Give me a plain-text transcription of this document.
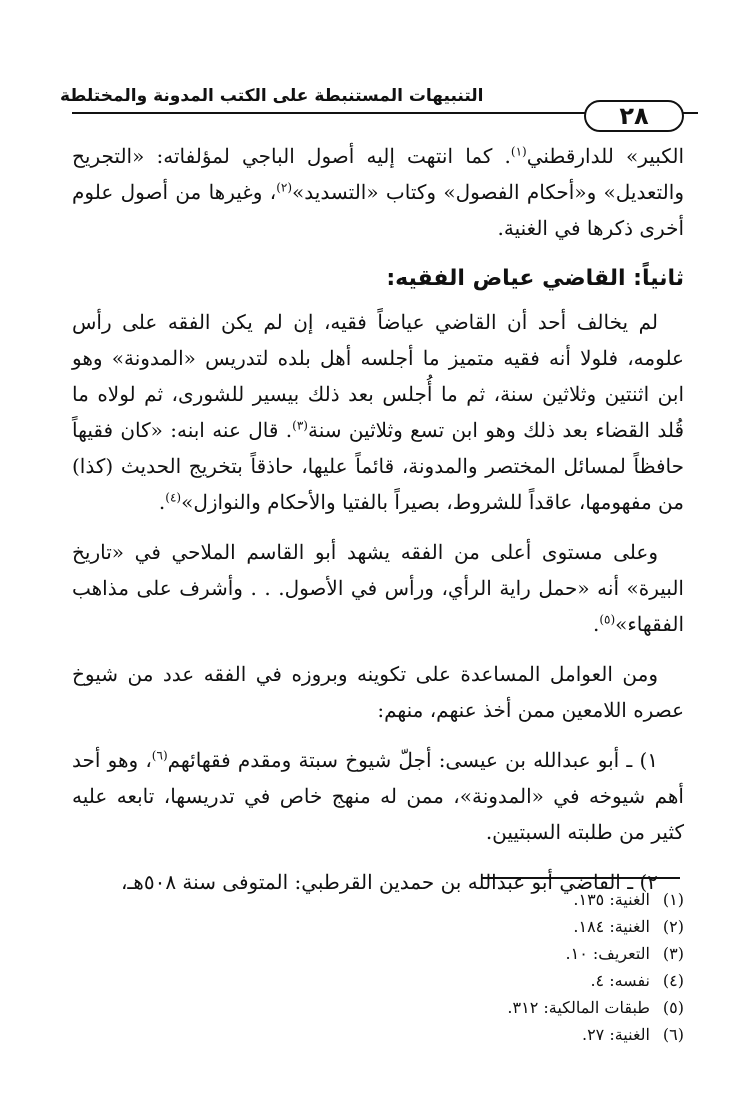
التنبيهات المستنبطة على الكتب المدونة والمختلطة
٢٨

الكبير» للدارقطني$^{(١)}$. كما انتهت إليه أصول الباجي لمؤلفاته: «التجريح والتعديل» و«أحكام الفصول» وكتاب «التسديد»$^{(٢)}$، وغيرها من أصول علوم أخرى ذكرها في الغنية.

ثانياً: القاضي عياض الفقيه:

لم يخالف أحد أن القاضي عياضاً فقيه، إن لم يكن الفقه على رأس علومه، فلولا أنه فقيه متميز ما أجلسه أهل بلده لتدريس «المدونة» وهو ابن اثنتين وثلاثين سنة، ثم ما أُجلس بعد ذلك بيسير للشورى، ثم لولاه ما قُلد القضاء بعد ذلك وهو ابن تسع وثلاثين سنة$^{(٣)}$. قال عنه ابنه: «كان فقيهاً حافظاً لمسائل المختصر والمدونة، قائماً عليها، حاذقاً بتخريج الحديث (كذا) من مفهومها، عاقداً للشروط، بصيراً بالفتيا والأحكام والنوازل»$^{(٤)}$.

وعلى مستوى أعلى من الفقه يشهد أبو القاسم الملاحي في «تاريخ البيرة» أنه «حمل راية الرأي، ورأس في الأصول. . . وأشرف على مذاهب الفقهاء»$^{(٥)}$.

ومن العوامل المساعدة على تكوينه وبروزه في الفقه عدد من شيوخ عصره اللامعين ممن أخذ عنهم، منهم:

١) ـ أبو عبدالله بن عيسى: أجلّ شيوخ سبتة ومقدم فقهائهم$^{(٦)}$، وهو أحد أهم شيوخه في «المدونة»، ممن له منهج خاص في تدريسها، تابعه عليه كثير من طلبته السبتيين.

٢) ـ القاضي أبو عبدالله بن حمدين القرطبي: المتوفى سنة ٥٠٨هـ،

(١)الغنية: ١٣٥.
(٢)الغنية: ١٨٤.
(٣)التعريف: ١٠.
(٤)نفسه: ٤.
(٥)طبقات المالكية: ٣١٢.
(٦)الغنية: ٢٧.
